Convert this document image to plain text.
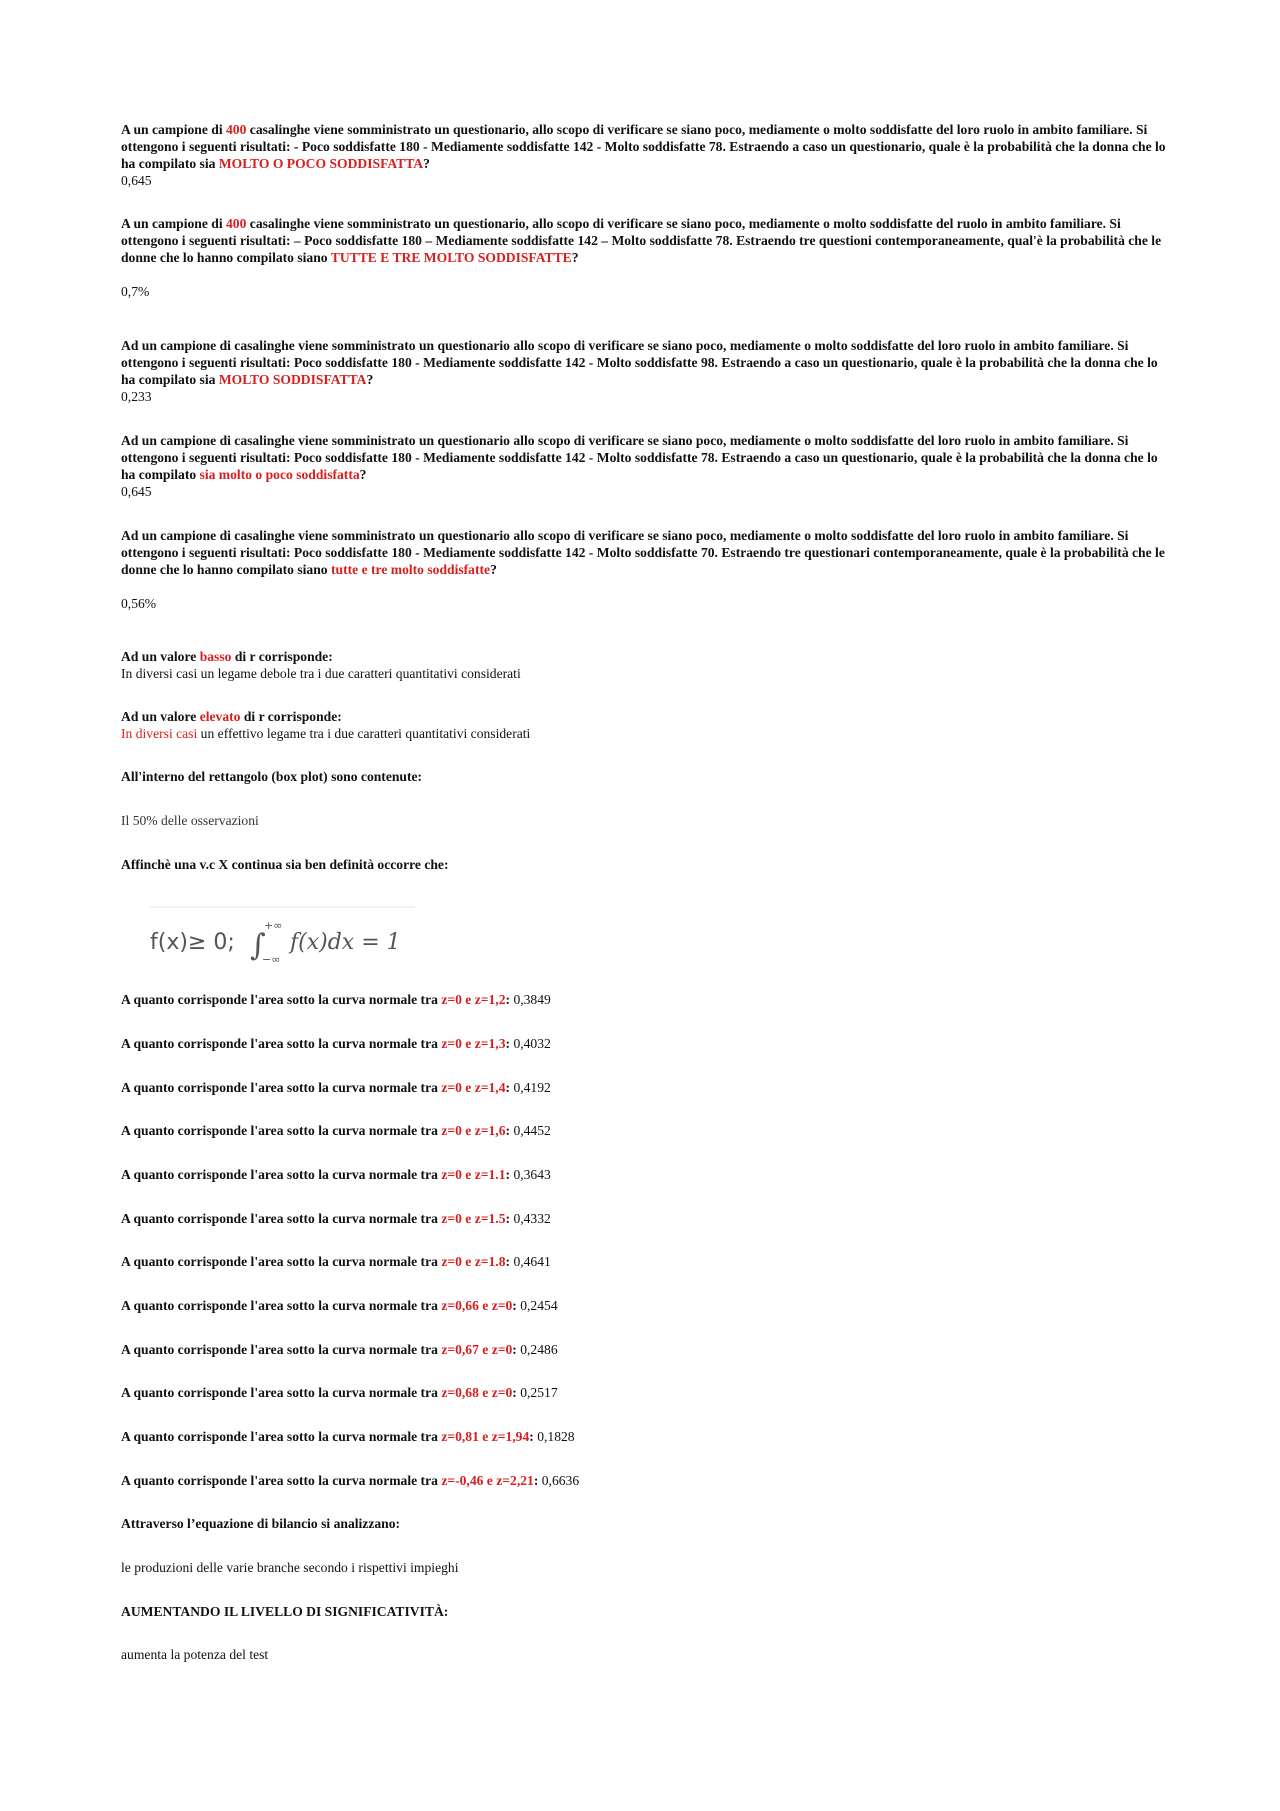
A un campione di 400 casalinghe viene somministrato un questionario, allo scopo di verificare se siano poco, mediamente o molto soddisfatte del loro ruolo in ambito familiare. Si ottengono i seguenti risultati: - Poco soddisfatte 180 - Mediamente soddisfatte 142 - Molto soddisfatte 78. Estraendo a caso un questionario, quale è la probabilità che la donna che lo ha compilato sia MOLTO O POCO SODDISFATTA?
0,645
A un campione di 400 casalinghe viene somministrato un questionario, allo scopo di verificare se siano poco, mediamente o molto soddisfatte del ruolo in ambito familiare. Si ottengono i seguenti risultati: – Poco soddisfatte 180 – Mediamente soddisfatte 142 – Molto soddisfatte 78. Estraendo tre questioni contemporaneamente, qual'è la probabilità che le donne che lo hanno compilato siano TUTTE E TRE MOLTO SODDISFATTE?
0,7%
Ad un campione di casalinghe viene somministrato un questionario allo scopo di verificare se siano poco, mediamente o molto soddisfatte del loro ruolo in ambito familiare. Si ottengono i seguenti risultati: Poco soddisfatte 180 - Mediamente soddisfatte 142 - Molto soddisfatte 98. Estraendo a caso un questionario, quale è la probabilità che la donna che lo ha compilato sia MOLTO SODDISFATTA?
0,233
Ad un campione di casalinghe viene somministrato un questionario allo scopo di verificare se siano poco, mediamente o molto soddisfatte del loro ruolo in ambito familiare. Si ottengono i seguenti risultati: Poco soddisfatte 180 - Mediamente soddisfatte 142 - Molto soddisfatte 78. Estraendo a caso un questionario, quale è la probabilità che la donna che lo ha compilato sia molto o poco soddisfatta?
0,645
Ad un campione di casalinghe viene somministrato un questionario allo scopo di verificare se siano poco, mediamente o molto soddisfatte del loro ruolo in ambito familiare. Si ottengono i seguenti risultati: Poco soddisfatte 180 - Mediamente soddisfatte 142 - Molto soddisfatte 70. Estraendo tre questionari contemporaneamente, quale è la probabilità che le donne che lo hanno compilato siano tutte e tre molto soddisfatte?
0,56%
Ad un valore basso di r corrisponde:
In diversi casi un legame debole tra i due caratteri quantitativi considerati
Ad un valore elevato di r corrisponde:
In diversi casi un effettivo legame tra i due caratteri quantitativi considerati
All'interno del rettangolo (box plot) sono contenute:
Il 50% delle osservazioni
Affinchè una v.c X continua sia ben definità occorre che:
f(x)≥ 0; ∫
+∞
−∞
f(x)dx = 1
A quanto corrisponde l'area sotto la curva normale tra z=0 e z=1,2: 0,3849
A quanto corrisponde l'area sotto la curva normale tra z=0 e z=1,3: 0,4032
A quanto corrisponde l'area sotto la curva normale tra z=0 e z=1,4: 0,4192
A quanto corrisponde l'area sotto la curva normale tra z=0 e z=1,6: 0,4452
A quanto corrisponde l'area sotto la curva normale tra z=0 e z=1.1: 0,3643
A quanto corrisponde l'area sotto la curva normale tra z=0 e z=1.5: 0,4332
A quanto corrisponde l'area sotto la curva normale tra z=0 e z=1.8: 0,4641
A quanto corrisponde l'area sotto la curva normale tra z=0,66 e z=0: 0,2454
A quanto corrisponde l'area sotto la curva normale tra z=0,67 e z=0: 0,2486
A quanto corrisponde l'area sotto la curva normale tra z=0,68 e z=0: 0,2517
A quanto corrisponde l'area sotto la curva normale tra z=0,81 e z=1,94: 0,1828
A quanto corrisponde l'area sotto la curva normale tra z=-0,46 e z=2,21: 0,6636
Attraverso l’equazione di bilancio si analizzano:
le produzioni delle varie branche secondo i rispettivi impieghi
AUMENTANDO IL LIVELLO DI SIGNIFICATIVITÀ:
aumenta la potenza del test
